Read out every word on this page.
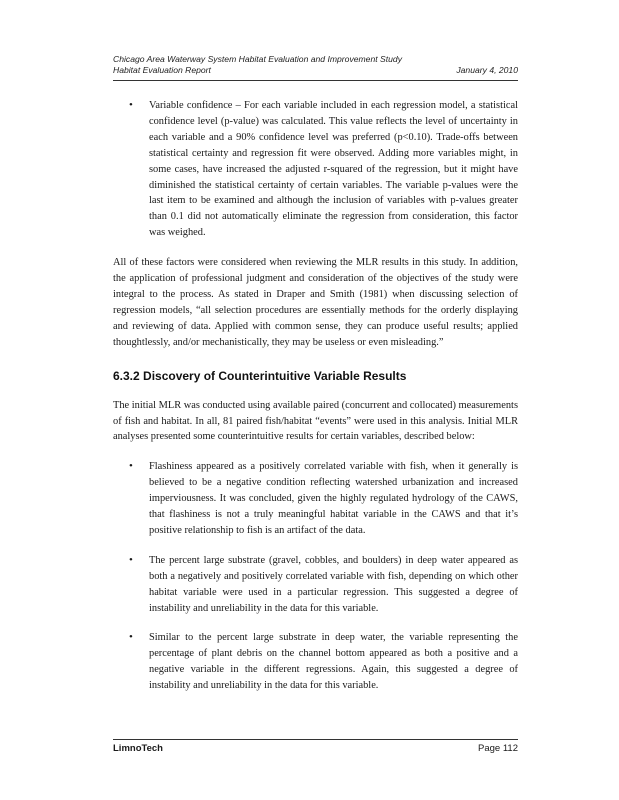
Chicago Area Waterway System Habitat Evaluation and Improvement Study
Habitat Evaluation Report	January 4, 2010
• Variable confidence – For each variable included in each regression model, a statistical confidence level (p-value) was calculated. This value reflects the level of uncertainty in each variable and a 90% confidence level was preferred (p<0.10). Trade-offs between statistical certainty and regression fit were observed. Adding more variables might, in some cases, have increased the adjusted r-squared of the regression, but it might have diminished the statistical certainty of certain variables. The variable p-values were the last item to be examined and although the inclusion of variables with p-values greater than 0.1 did not automatically eliminate the regression from consideration, this factor was weighed.

All of these factors were considered when reviewing the MLR results in this study. In addition, the application of professional judgment and consideration of the objectives of the study were integral to the process. As stated in Draper and Smith (1981) when discussing selection of regression models, “all selection procedures are essentially methods for the orderly displaying and reviewing of data. Applied with common sense, they can produce useful results; applied thoughtlessly, and/or mechanistically, they may be useless or even misleading.”

6.3.2 Discovery of Counterintuitive Variable Results

The initial MLR was conducted using available paired (concurrent and collocated) measurements of fish and habitat. In all, 81 paired fish/habitat “events” were used in this analysis. Initial MLR analyses presented some counterintuitive results for certain variables, described below:

• Flashiness appeared as a positively correlated variable with fish, when it generally is believed to be a negative condition reflecting watershed urbanization and increased imperviousness. It was concluded, given the highly regulated hydrology of the CAWS, that flashiness is not a truly meaningful habitat variable in the CAWS and that it’s positive relationship to fish is an artifact of the data.

• The percent large substrate (gravel, cobbles, and boulders) in deep water appeared as both a negatively and positively correlated variable with fish, depending on which other habitat variable were used in a particular regression. This suggested a degree of instability and unreliability in the data for this variable.

• Similar to the percent large substrate in deep water, the variable representing the percentage of plant debris on the channel bottom appeared as both a positive and a negative variable in the different regressions. Again, this suggested a degree of instability and unreliability in the data for this variable.

LimnoTech	Page 112
